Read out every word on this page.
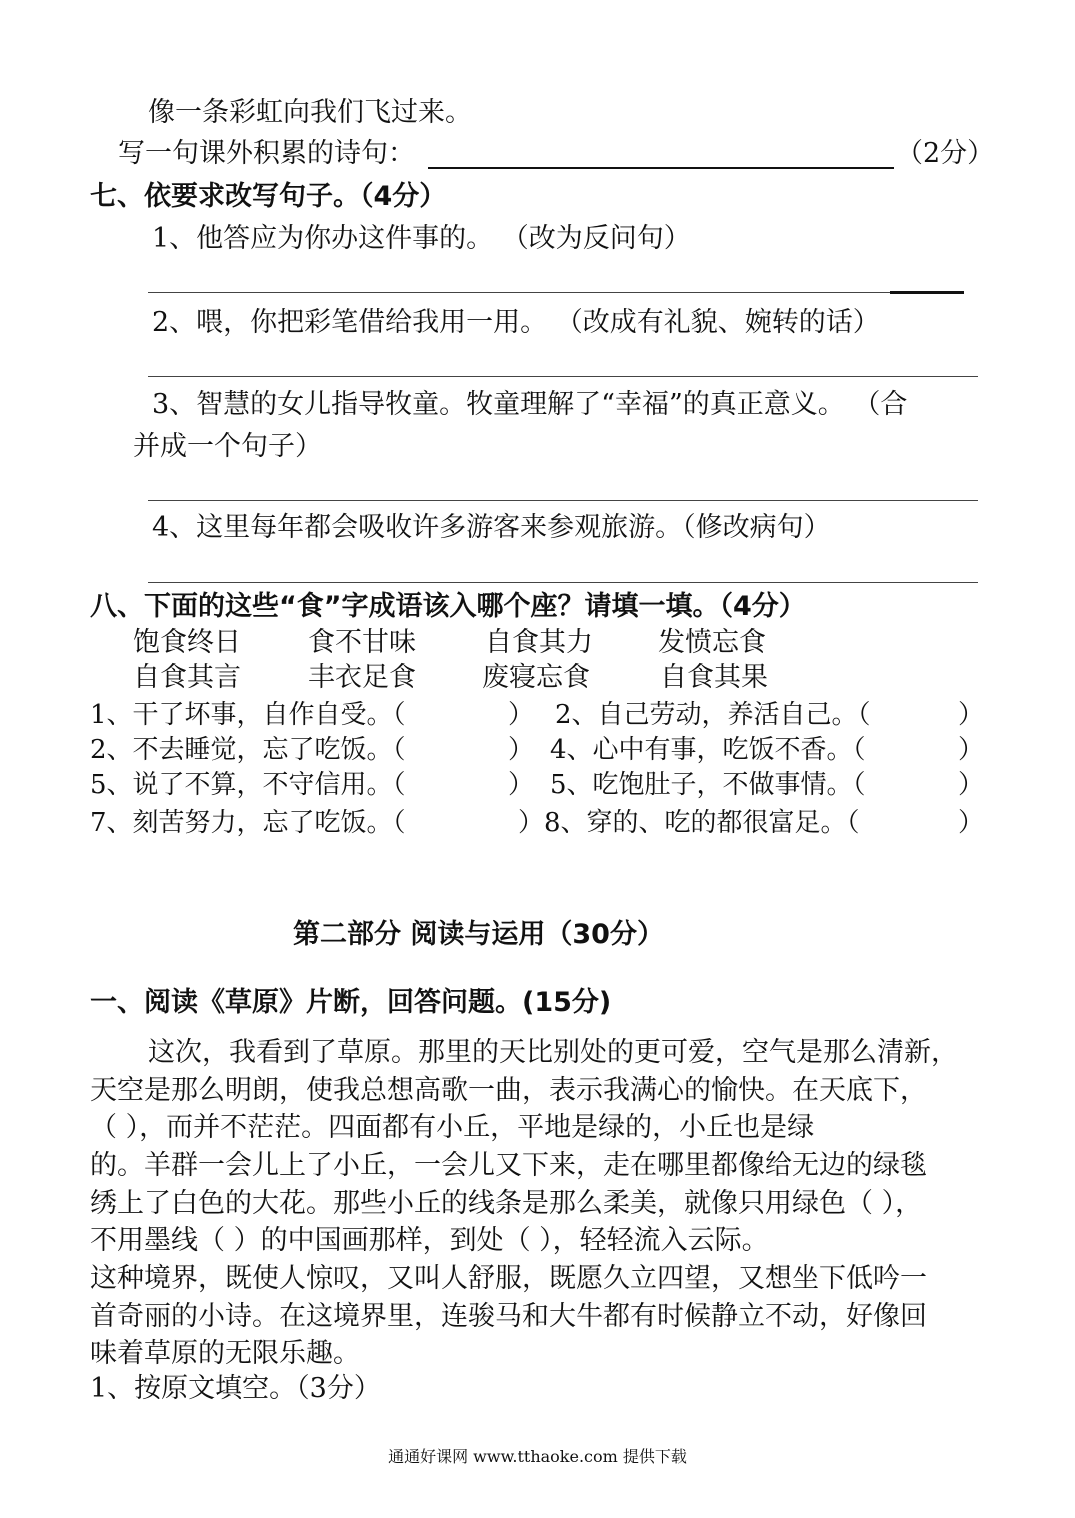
像一条彩虹向我们飞过来。
写一句课外积累的诗句：	（2分）
七、依要求改写句子。（4分）
1、他答应为你办这件事的。 （改为反问句）
2、喂，你把彩笔借给我用一用。 （改成有礼貌、婉转的话）
3、智慧的女儿指导牧童。牧童理解了“幸福”的真正意义。 （合
并成一个句子）
4、这里每年都会吸收许多游客来参观旅游。（修改病句）
八、下面的这些“食”字成语该入哪个座？请填一填。（4分）
饱食终日 食不甘味	自食其力 发愤忘食
自食其言 丰衣足食 废寝忘食	自食其果
1、干了坏事，自作自受。（	） 2、自己劳动，养活自己。（	）
2、不去睡觉，忘了吃饭。（	） 4、心中有事，吃饭不香。（	）
5、说了不算，不守信用。（	） 5、吃饱肚子，不做事情。（	）
7、刻苦努力，忘了吃饭。（	）8、穿的、吃的都很富足。（	）
第二部分 阅读与运用（30分）
一、阅读《草原》片断，回答问题。(15分)
这次，我看到了草原。那里的天比别处的更可爱，空气是那么清新，
天空是那么明朗，使我总想高歌一曲，表示我满心的愉快。在天底下，
（ ），而并不茫茫。四面都有小丘，平地是绿的，小丘也是绿
的。羊群一会儿上了小丘，一会儿又下来，走在哪里都像给无边的绿毯
绣上了白色的大花。那些小丘的线条是那么柔美，就像只用绿色（ ），
不用墨线（ ）的中国画那样，到处（ ），轻轻流入云际。
这种境界，既使人惊叹，又叫人舒服，既愿久立四望，又想坐下低吟一
首奇丽的小诗。在这境界里，连骏马和大牛都有时候静立不动，好像回
味着草原的无限乐趣。
1、按原文填空。（3分）
通通好课网 www.tthaoke.com 提供下载
